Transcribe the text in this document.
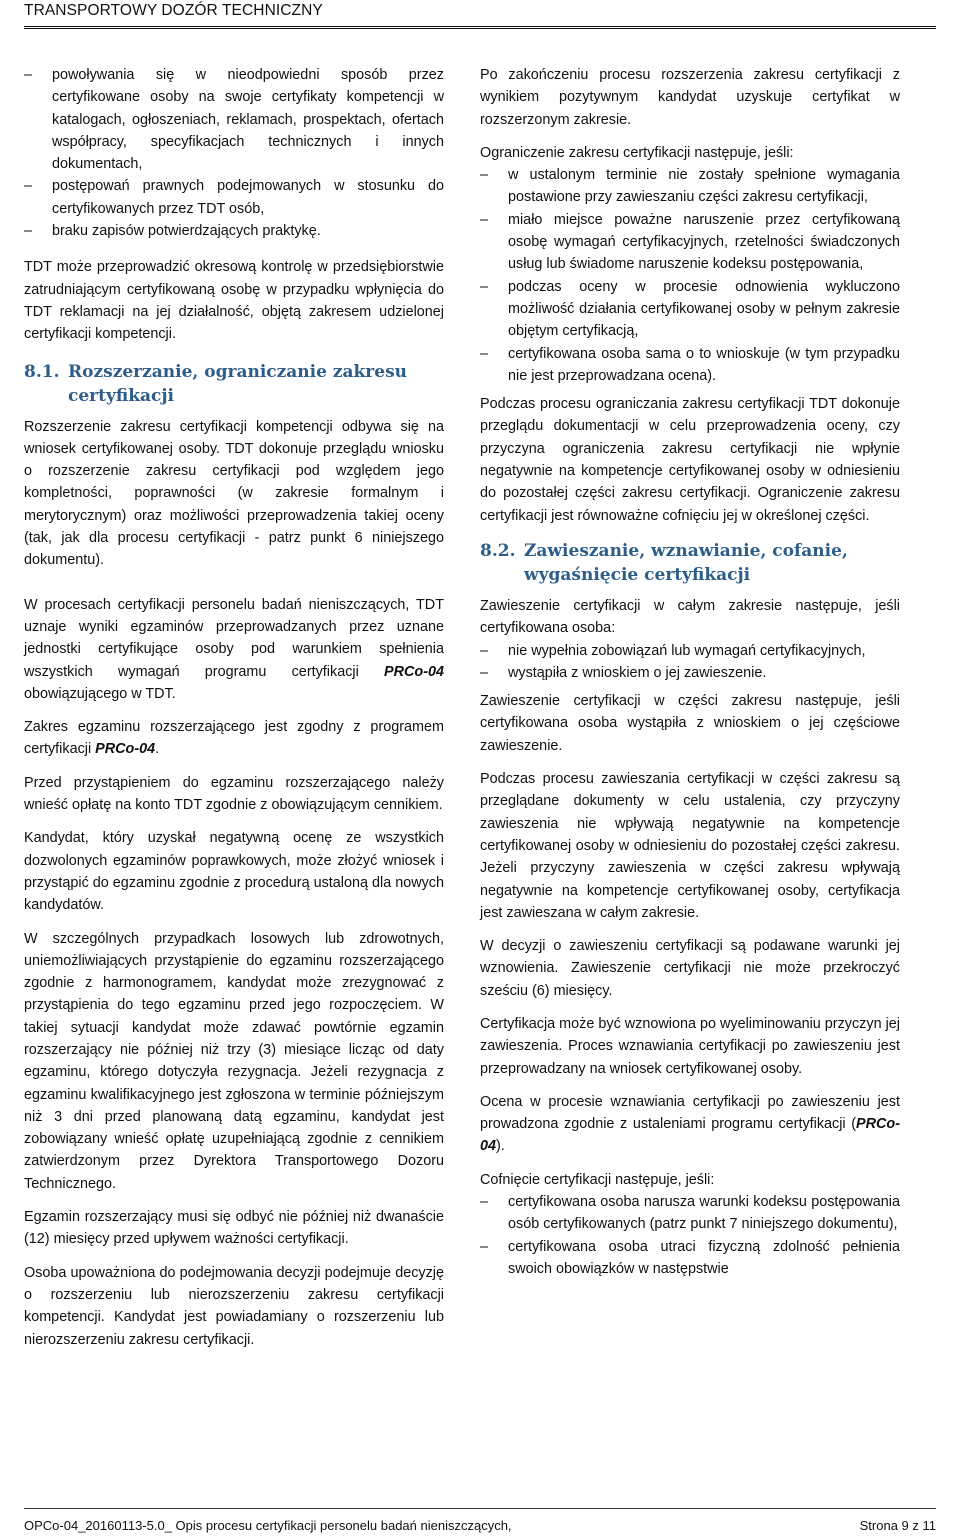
TRANSPORTOWY DOZÓR TECHNICZNY
– powoływania się w nieodpowiedni sposób przez certyfikowane osoby na swoje certyfikaty kompetencji w katalogach, ogłoszeniach, reklamach, prospektach, ofertach współpracy, specyfikacjach technicznych i innych dokumentach,
– postępowań prawnych podejmowanych w stosunku do certyfikowanych przez TDT osób,
– braku zapisów potwierdzających praktykę.

TDT może przeprowadzić okresową kontrolę w przedsiębiorstwie zatrudniającym certyfikowaną osobę w przypadku wpłynięcia do TDT reklamacji na jej działalność, objętą zakresem udzielonej certyfikacji kompetencji.

8.1. Rozszerzanie, ograniczanie zakresu certyfikacji

Rozszerzenie zakresu certyfikacji kompetencji odbywa się na wniosek certyfikowanej osoby. TDT dokonuje przeglądu wniosku o rozszerzenie zakresu certyfikacji pod względem jego kompletności, poprawności (w zakresie formalnym i merytorycznym) oraz możliwości przeprowadzenia takiej oceny (tak, jak dla procesu certyfikacji - patrz punkt 6 niniejszego dokumentu).

W procesach certyfikacji personelu badań nieniszczących, TDT uznaje wyniki egzaminów przeprowadzanych przez uznane jednostki certyfikujące osoby pod warunkiem spełnienia wszystkich wymagań programu certyfikacji PRCo-04 obowiązującego w TDT.

Zakres egzaminu rozszerzającego jest zgodny z programem certyfikacji PRCo-04.

Przed przystąpieniem do egzaminu rozszerzającego należy wnieść opłatę na konto TDT zgodnie z obowiązującym cennikiem.

Kandydat, który uzyskał negatywną ocenę ze wszystkich dozwolonych egzaminów poprawkowych, może złożyć wniosek i przystąpić do egzaminu zgodnie z procedurą ustaloną dla nowych kandydatów.

W szczególnych przypadkach losowych lub zdrowotnych, uniemożliwiających przystąpienie do egzaminu rozszerzającego zgodnie z harmonogramem, kandydat może zrezygnować z przystąpienia do tego egzaminu przed jego rozpoczęciem. W takiej sytuacji kandydat może zdawać powtórnie egzamin rozszerzający nie później niż trzy (3) miesiące licząc od daty egzaminu, którego dotyczyła rezygnacja. Jeżeli rezygnacja z egzaminu kwalifikacyjnego jest zgłoszona w terminie późniejszym niż 3 dni przed planowaną datą egzaminu, kandydat jest zobowiązany wnieść opłatę uzupełniającą zgodnie z cennikiem zatwierdzonym przez Dyrektora Transportowego Dozoru Technicznego.

Egzamin rozszerzający musi się odbyć nie później niż dwanaście (12) miesięcy przed upływem ważności certyfikacji.

Osoba upoważniona do podejmowania decyzji podejmuje decyzję o rozszerzeniu lub nierozszerzeniu zakresu certyfikacji kompetencji. Kandydat jest powiadamiany o rozszerzeniu lub nierozszerzeniu zakresu certyfikacji.

Po zakończeniu procesu rozszerzenia zakresu certyfikacji z wynikiem pozytywnym kandydat uzyskuje certyfikat w rozszerzonym zakresie.

Ograniczenie zakresu certyfikacji następuje, jeśli:

– w ustalonym terminie nie zostały spełnione wymagania postawione przy zawieszaniu części zakresu certyfikacji,
– miało miejsce poważne naruszenie przez certyfikowaną osobę wymagań certyfikacyjnych, rzetelności świadczonych usług lub świadome naruszenie kodeksu postępowania,
– podczas oceny w procesie odnowienia wykluczono możliwość działania certyfikowanej osoby w pełnym zakresie objętym certyfikacją,
– certyfikowana osoba sama o to wnioskuje (w tym przypadku nie jest przeprowadzana ocena).

Podczas procesu ograniczania zakresu certyfikacji TDT dokonuje przeglądu dokumentacji w celu przeprowadzenia oceny, czy przyczyna ograniczenia zakresu certyfikacji nie wpłynie negatywnie na kompetencje certyfikowanej osoby w odniesieniu do pozostałej części zakresu certyfikacji. Ograniczenie zakresu certyfikacji jest równoważne cofnięciu jej w określonej części.

8.2. Zawieszanie, wznawianie, cofanie, wygaśnięcie certyfikacji

Zawieszenie certyfikacji w całym zakresie następuje, jeśli certyfikowana osoba:

– nie wypełnia zobowiązań lub wymagań certyfikacyjnych,
– wystąpiła z wnioskiem o jej zawieszenie.

Zawieszenie certyfikacji w części zakresu następuje, jeśli certyfikowana osoba wystąpiła z wnioskiem o jej częściowe zawieszenie.

Podczas procesu zawieszania certyfikacji w części zakresu są przeglądane dokumenty w celu ustalenia, czy przyczyny zawieszenia nie wpływają negatywnie na kompetencje certyfikowanej osoby w odniesieniu do pozostałej części zakresu. Jeżeli przyczyny zawieszenia w części zakresu wpływają negatywnie na kompetencje certyfikowanej osoby, certyfikacja jest zawieszana w całym zakresie.

W decyzji o zawieszeniu certyfikacji są podawane warunki jej wznowienia. Zawieszenie certyfikacji nie może przekroczyć sześciu (6) miesięcy.

Certyfikacja może być wznowiona po wyeliminowaniu przyczyn jej zawieszenia. Proces wznawiania certyfikacji po zawieszeniu jest przeprowadzany na wniosek certyfikowanej osoby.

Ocena w procesie wznawiania certyfikacji po zawieszeniu jest prowadzona zgodnie z ustaleniami programu certyfikacji (PRCo-04).

Cofnięcie certyfikacji następuje, jeśli:

– certyfikowana osoba narusza warunki kodeksu postępowania osób certyfikowanych (patrz punkt 7 niniejszego dokumentu),
– certyfikowana osoba utraci fizyczną zdolność pełnienia swoich obowiązków w następstwie
OPCo-04_20160113-5.0_ Opis procesu certyfikacji personelu badań nieniszczących,	Strona 9 z 11
